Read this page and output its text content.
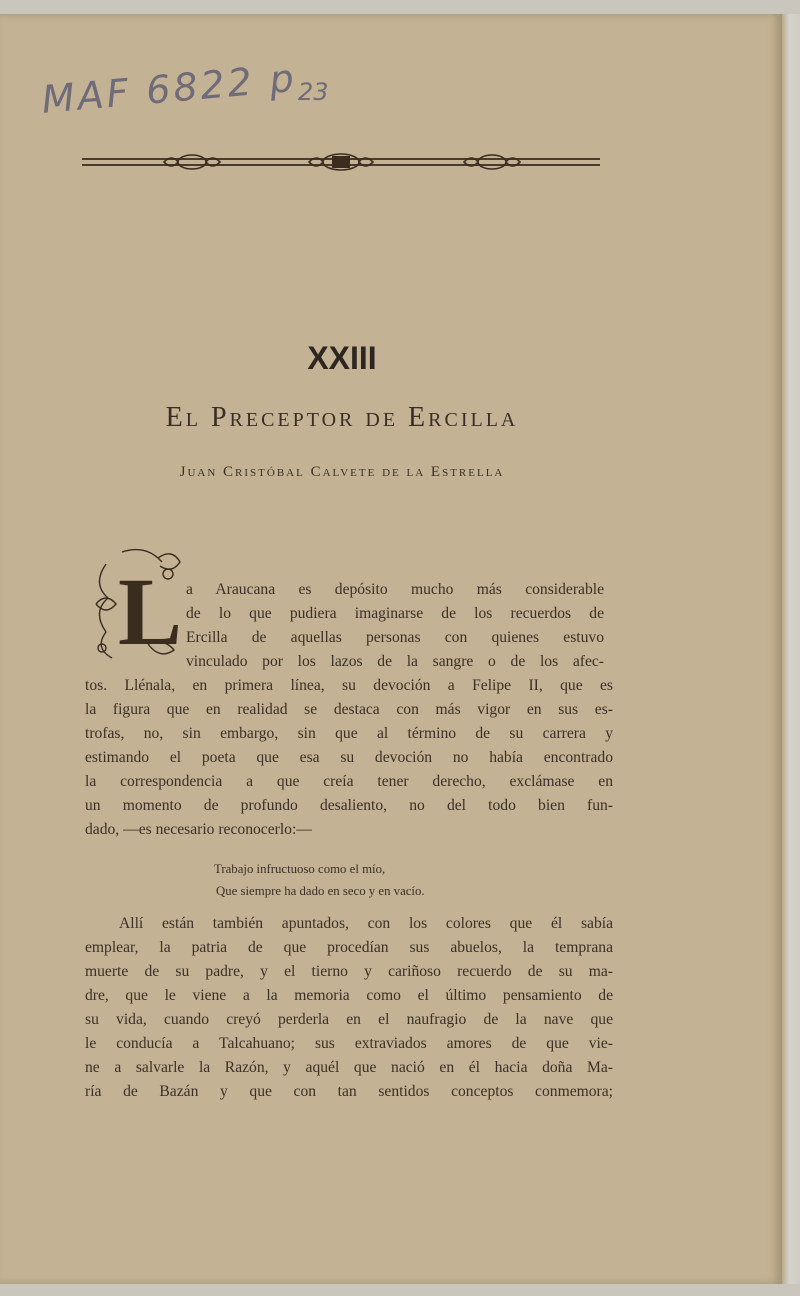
MAF 6822 p 23
XXIII
El Preceptor de Ercilla
Juan Cristóbal Calvete de la Estrella
L a Araucana es depósito mucho más considerable
de lo que pudiera imaginarse de los recuerdos de
Ercilla de aquellas personas con quienes estuvo
vinculado por los lazos de la sangre o de los afec-
tos. Llénala, en primera línea, su devoción a Felipe II, que es
la figura que en realidad se destaca con más vigor en sus es-
trofas, no, sin embargo, sin que al término de su carrera y
estimando el poeta que esa su devoción no había encontrado
la correspondencia a que creía tener derecho, exclámase en
un momento de profundo desaliento, no del todo bien fun-
dado, —es necesario reconocerlo:—
Trabajo infructuoso como el mío,
Que siempre ha dado en seco y en vacío.
Allí están también apuntados, con los colores que él sabía
emplear, la patria de que procedían sus abuelos, la temprana
muerte de su padre, y el tierno y cariñoso recuerdo de su ma-
dre, que le viene a la memoria como el último pensamiento de
su vida, cuando creyó perderla en el naufragio de la nave que
le conducía a Talcahuano; sus extraviados amores de que vie-
ne a salvarle la Razón, y aquél que nació en él hacia doña Ma-
ría de Bazán y que con tan sentidos conceptos conmemora;
